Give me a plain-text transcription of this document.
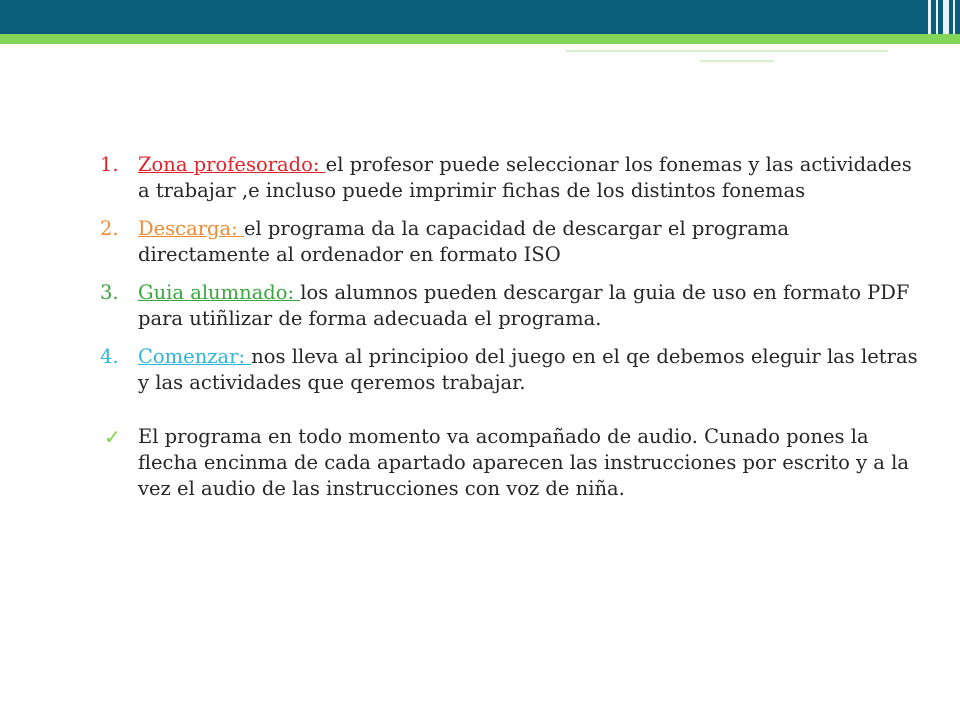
1. Zona profesorado: el profesor puede seleccionar los fonemas y las actividades a trabajar ,e incluso puede imprimir fichas de los distintos fonemas
2. Descarga: el programa da la capacidad de descargar el programa directamente al ordenador en formato ISO
3. Guia alumnado: los alumnos pueden descargar la guia de uso en formato PDF para utiñlizar de forma adecuada el programa.
4. Comenzar: nos lleva al principioo del juego en el qe debemos eleguir las letras y las actividades que qeremos trabajar.
✓ El programa en todo momento va acompañado de audio. Cunado pones la flecha encinma de cada apartado aparecen las instrucciones por escrito y a la vez el audio de las instrucciones con voz de niña.
